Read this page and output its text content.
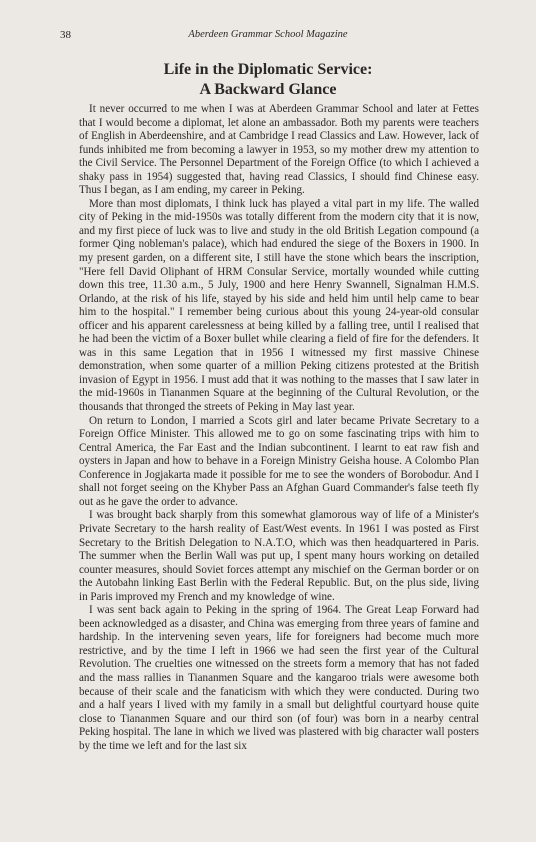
38	Aberdeen Grammar School Magazine
Life in the Diplomatic Service:
A Backward Glance

It never occurred to me when I was at Aberdeen Grammar School and later at Fettes that I would become a diplomat, let alone an ambassador. Both my parents were teachers of English in Aberdeenshire, and at Cambridge I read Classics and Law. However, lack of funds inhibited me from becoming a lawyer in 1953, so my mother drew my attention to the Civil Service. The Personnel Department of the Foreign Office (to which I achieved a shaky pass in 1954) suggested that, having read Classics, I should find Chinese easy. Thus I began, as I am ending, my career in Peking.

More than most diplomats, I think luck has played a vital part in my life. The walled city of Peking in the mid-1950s was totally different from the modern city that it is now, and my first piece of luck was to live and study in the old British Legation compound (a former Qing nobleman's palace), which had endured the siege of the Boxers in 1900. In my present garden, on a different site, I still have the stone which bears the inscription, "Here fell David Oliphant of HRM Consular Service, mortally wounded while cutting down this tree, 11.30 a.m., 5 July, 1900 and here Henry Swannell, Signalman H.M.S. Orlando, at the risk of his life, stayed by his side and held him until help came to bear him to the hospital." I remember being curious about this young 24-year-old consular officer and his apparent carelessness at being killed by a falling tree, until I realised that he had been the victim of a Boxer bullet while clearing a field of fire for the defenders. It was in this same Legation that in 1956 I witnessed my first massive Chinese demonstration, when some quarter of a million Peking citizens protested at the British invasion of Egypt in 1956. I must add that it was nothing to the masses that I saw later in the mid-1960s in Tiananmen Square at the beginning of the Cultural Revolution, or the thousands that thronged the streets of Peking in May last year.

On return to London, I married a Scots girl and later became Private Secretary to a Foreign Office Minister. This allowed me to go on some fascinating trips with him to Central America, the Far East and the Indian subcontinent. I learnt to eat raw fish and oysters in Japan and how to behave in a Foreign Ministry Geisha house. A Colombo Plan Conference in Jogjakarta made it possible for me to see the wonders of Borobodur. And I shall not forget seeing on the Khyber Pass an Afghan Guard Commander's false teeth fly out as he gave the order to advance.

I was brought back sharply from this somewhat glamorous way of life of a Minister's Private Secretary to the harsh reality of East/West events. In 1961 I was posted as First Secretary to the British Delegation to N.A.T.O, which was then headquartered in Paris. The summer when the Berlin Wall was put up, I spent many hours working on detailed counter measures, should Soviet forces attempt any mischief on the German border or on the Autobahn linking East Berlin with the Federal Republic. But, on the plus side, living in Paris improved my French and my knowledge of wine.

I was sent back again to Peking in the spring of 1964. The Great Leap Forward had been acknowledged as a disaster, and China was emerging from three years of famine and hardship. In the intervening seven years, life for foreigners had become much more restrictive, and by the time I left in 1966 we had seen the first year of the Cultural Revolution. The cruelties one witnessed on the streets form a memory that has not faded and the mass rallies in Tiananmen Square and the kangaroo trials were awesome both because of their scale and the fanaticism with which they were conducted. During two and a half years I lived with my family in a small but delightful courtyard house quite close to Tiananmen Square and our third son (of four) was born in a nearby central Peking hospital. The lane in which we lived was plastered with big character wall posters by the time we left and for the last six
